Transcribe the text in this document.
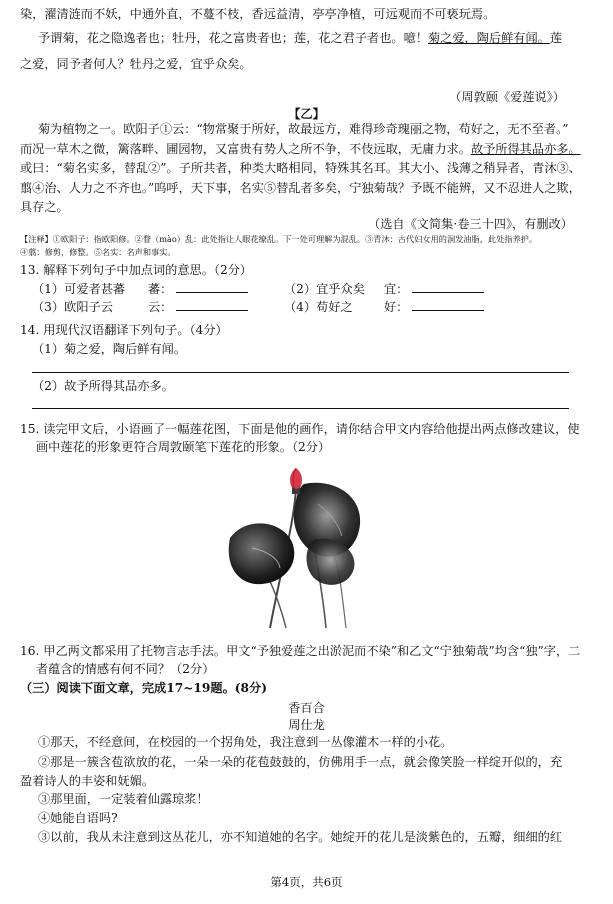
染，濯清涟而不妖，中通外直，不蔓不枝，香远益清，亭亭净植，可远观而不可亵玩焉。
予谓菊，花之隐逸者也；牡丹，花之富贵者也；莲，花之君子者也。噫！菊之爱，陶后鲜有闻。莲
之爱，同予者何人？牡丹之爱，宜乎众矣。
（周敦颐《爱莲说》）
【乙】
菊为植物之一。欧阳子①云：“物常聚于所好，故最远方，难得珍奇瑰丽之物，苟好之，无不至者。”
而况一草木之微，篱落畔、圃园物，又富贵有势人之所不争，不伎远取，无庸力求。故予所得其品亦多。
或曰：“菊名实多，替乱②”。子所共者，种类大略相同，特殊其名耳。其大小、浅薄之稍异者，青沐③、
翦④治、人力之不齐也。”呜呼，天下事，名实⑤替乱者多矣，宁独菊哉？予既不能辨，又不忍进人之欺，
具存之。
（选自《文简集·卷三十四》，有删改）
【注释】①欧阳子：指欧阳修。②瞀（mào）乱：此处指让人眼花缭乱。下一处可理解为混乱。③青沐：古代妇女用的洞发油脂，此处指养护。
④翦：修剪，修整。⑤名实：名声和事实。
13. 解释下列句子中加点词的意思。（2分）
（1）可爱者甚蕃 蕃：	（2）宜乎众矣 宜：
（3）欧阳子云	云：	（4）苟好之	好：
14. 用现代汉语翻译下列句子。（4分）
（1）菊之爱，陶后鲜有闻。
（2）故予所得其品亦多。
15. 读完甲文后，小语画了一幅莲花图，下面是他的画作，请你结合甲文内容给他提出两点修改建议，使
画中莲花的形象更符合周敦颐笔下莲花的形象。（2分）
16. 甲乙两文都采用了托物言志手法。甲文“予独爱莲之出淤泥而不染”和乙文“宁独菊哉”均含“独”字，二
者蕴含的情感有何不同？（2分）
（三）阅读下面文章，完成17~19题。(8分)
香百合
周仕龙
①那天，不经意间，在校园的一个拐角处，我注意到一丛像灌木一样的小花。
②那是一簇含苞欲放的花，一朵一朵的花苞鼓鼓的，仿佛用手一点，就会像笑脸一样绽开似的，充
盈着诗人的丰姿和妩媚。
③那里面，一定装着仙露琼浆！
④她能自语吗?
③以前，我从未注意到这丛花儿，亦不知道她的名字。她绽开的花儿是淡紫色的，五瓣，细细的红
第4页，共6页
